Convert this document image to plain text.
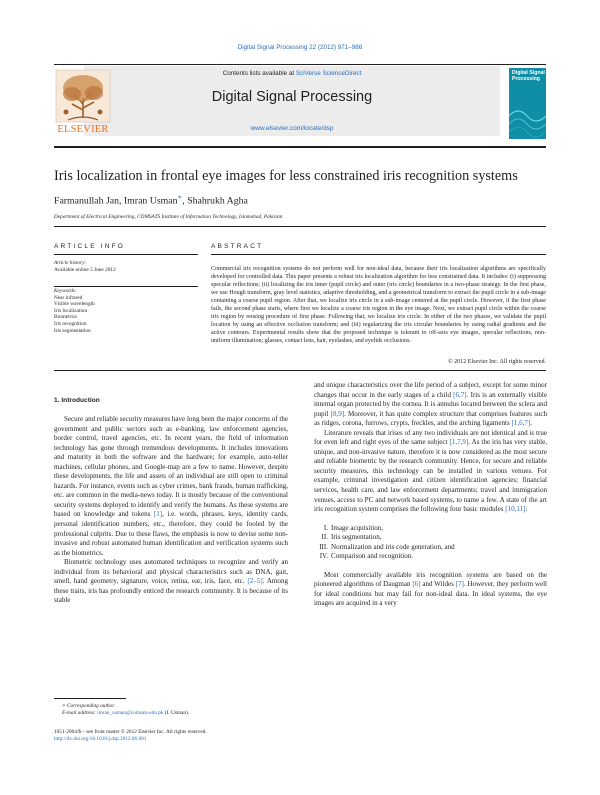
Digital Signal Processing 22 (2012) 971–986
ELSEVIER
Contents lists available at SciVerse ScienceDirect
Digital Signal Processing
www.elsevier.com/locate/dsp
Digital Signal Processing
Iris localization in frontal eye images for less constrained iris recognition systems
Farmanullah Jan, Imran Usman∗, Shahrukh Agha
Department of Electrical Engineering, COMSATS Institute of Information Technology, Islamabad, Pakistan
ARTICLE INFO	ABSTRACT
Article history:
Available online 5 June 2012
Keywords:
Near infrared
Visible wavelength
Iris localization
Biometrics
Iris recognition
Iris segmentation
Commercial iris recognition systems do not perform well for non-ideal data, because their iris localization algorithms are specifically developed for controlled data. This paper presents a robust iris localization algorithm for less constrained data. It includes: (i) suppressing specular reflections; (ii) localizing the iris inner (pupil circle) and outer (iris circle) boundaries in a two-phase strategy. In the first phase, we use Hough transform, gray level statistics, adaptive thresholding, and a geometrical transform to extract the pupil circle in a sub-image containing a coarse pupil region. After that, we localize iris circle in a sub-image centered at the pupil circle. However, if the first phase fails, the second phase starts, where first we localize a coarse iris region in the eye image. Next, we extract pupil circle within the coarse iris region by reusing procedure of first phase. Following that, we localize iris circle. In either of the two phases, we validate the pupil location by using an effective occlusion transform; and (iii) regularizing the iris circular boundaries by using radial gradients and the active contours. Experimental results show that the proposed technique is tolerant to off-axis eye images, specular reflections, non-uniform illumination; glasses, contact lens, hair, eyelashes, and eyelids occlusions.
© 2012 Elsevier Inc. All rights reserved.
1. Introduction

Secure and reliable security measures have long been the major concerns of the government and public sectors such as e-banking, law enforcement agencies, border control, travel agencies, etc. In recent years, the field of information technology has gone through tremendous developments. It includes innovations and maturity in both the software and the hardware; for example, auto-teller machines, cellular phones, and Google-map are a few to name. However, despite these developments, the life and assets of an individual are still open to criminal hazards. For instance, events such as cyber crimes, bank frauds, human trafficking, etc. are common in the media-news today. It is mostly because of the conventional security systems deployed to identify and verify the humans. As these systems are based on knowledge and tokens [1], i.e. words, phrases, keys, identity cards, personal identification numbers, etc., therefore, they could be fooled by the professional culprits. Due to these flaws, the emphasis is now to devise some non-invasive and robust automated human identification and verification systems such as the biometrics.

Biometric technology uses automated techniques to recognize and verify an individual from its behavioral and physical characteristics such as DNA, gait, smell, hand geometry, signature, voice, retina, ear, iris, face, etc. [2–5]. Among these traits, iris has profoundly enticed the research community. It is because of its stable

and unique characteristics over the life period of a subject, except for some minor changes that occur in the early stages of a child [6,7]. Iris is an externally visible internal organ protected by the cornea. It is annulus located between the sclera and pupil [8,9]. Moreover, it has quite complex structure that comprises features such as ridges, corona, furrows, crypts, freckles, and the arching ligaments [1,6,7].

Literature reveals that irises of any two individuals are not identical and is true for even left and right eyes of the same subject [1,7,9]. As the iris has very stable, unique, and non-invasive nature, therefore it is now considered as the most secure and reliable biometric by the research community. Hence, for secure and reliable security measures, this technology can be installed in various venues. For example, criminal investigation and citizen identification agencies; financial services, health care, and law enforcement departments; travel and immigration venues, access to PC and network based systems, to name a few. A state of the art iris recognition system comprises the following four basic modules [10,11]:

I. Image acquisition,
II. Iris segmentation,
III. Normalization and iris code generation, and
IV. Comparison and recognition.

Most commercially available iris recognition systems are based on the pioneered algorithms of Daugman [6] and Wildes [7]. However, they perform well for ideal conditions but may fail for non-ideal data. In ideal systems, the eye images are acquired in a very

∗ Corresponding author.
E-mail address: imran_usman@comsats.edu.pk (I. Usman).
1051-2004/$ – see front matter © 2012 Elsevier Inc. All rights reserved.
http://dx.doi.org/10.1016/j.dsp.2012.06.001
